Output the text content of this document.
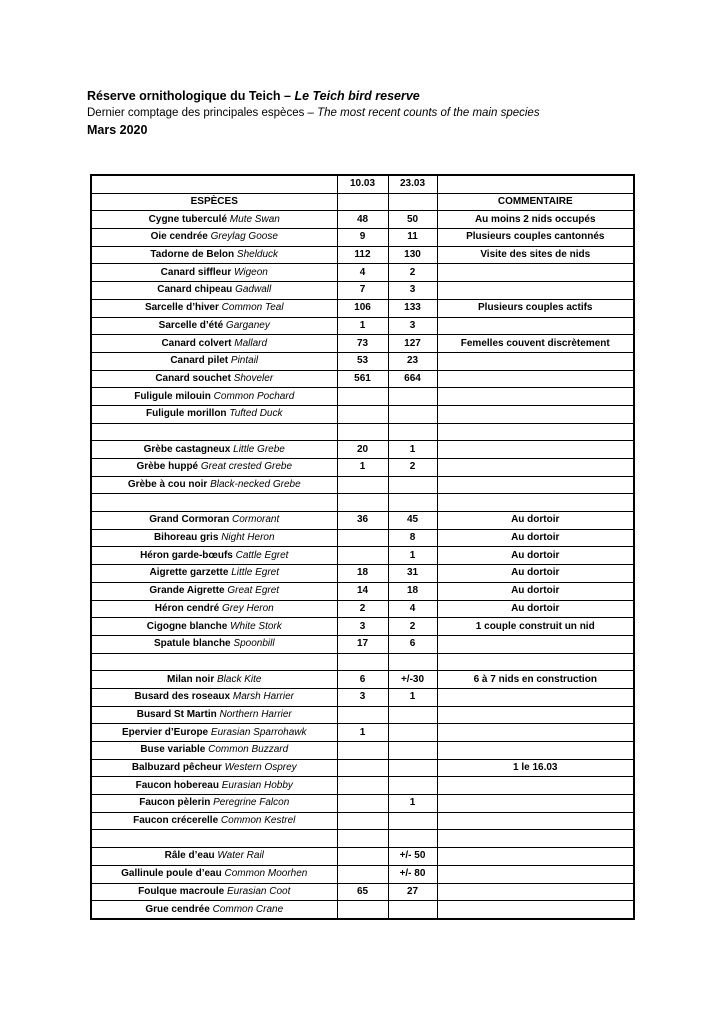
Réserve ornithologique du Teich – Le Teich bird reserve
Dernier comptage des principales espèces – The most recent counts of the main species
Mars 2020
	10.03	23.03	
ESPÈCES			COMMENTAIRE
Cygne tuberculé Mute Swan	48	50	Au moins 2 nids occupés
Oie cendrée Greylag Goose	9	11	Plusieurs couples cantonnés
Tadorne de Belon Shelduck	112	130	Visite des sites de nids
Canard siffleur Wigeon	4	2	
Canard chipeau Gadwall	7	3	
Sarcelle d’hiver Common Teal	106	133	Plusieurs couples actifs
Sarcelle d’été Garganey	1	3	
Canard colvert Mallard	73	127	Femelles couvent discrètement
Canard pilet Pintail	53	23	
Canard souchet Shoveler	561	664	
Fuligule milouin Common Pochard			
Fuligule morillon Tufted Duck			

Grèbe castagneux Little Grebe	20	1	
Grèbe huppé Great crested Grebe	1	2	
Grèbe à cou noir Black-necked Grebe			

Grand Cormoran Cormorant	36	45	Au dortoir
Bihoreau gris Night Heron		8	Au dortoir
Héron garde-bœufs Cattle Egret		1	Au dortoir
Aigrette garzette Little Egret	18	31	Au dortoir
Grande Aigrette Great Egret	14	18	Au dortoir
Héron cendré Grey Heron	2	4	Au dortoir
Cigogne blanche White Stork	3	2	1 couple construit un nid
Spatule blanche Spoonbill	17	6	

Milan noir Black Kite	6	+/-30	6 à 7 nids en construction
Busard des roseaux Marsh Harrier	3	1	
Busard St Martin Northern Harrier			
Epervier d’Europe Eurasian Sparrohawk	1		
Buse variable Common Buzzard			
Balbuzard pêcheur Western Osprey			1 le 16.03
Faucon hobereau Eurasian Hobby			
Faucon pèlerin Peregrine Falcon		1	
Faucon crécerelle Common Kestrel			

Râle d’eau Water Rail		+/- 50	
Gallinule poule d’eau Common Moorhen		+/- 80	
Foulque macroule Eurasian Coot	65	27	
Grue cendrée Common Crane			
